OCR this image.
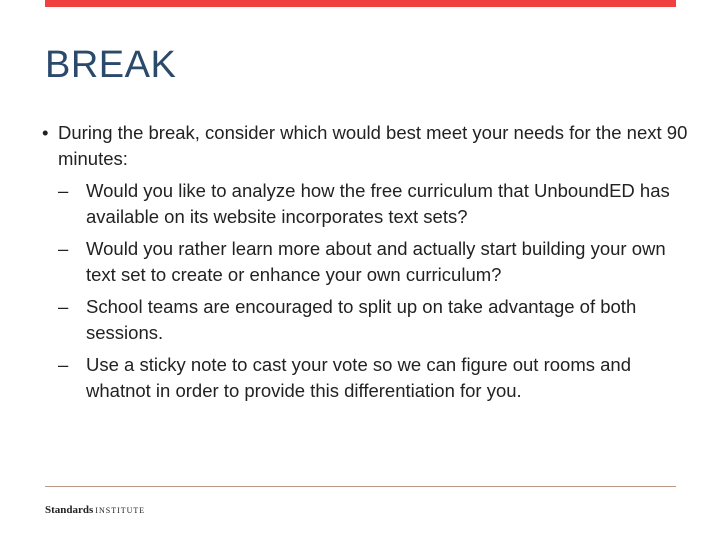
BREAK
• During the break, consider which would best meet your needs for the next 90 minutes:
– Would you like to analyze how the free curriculum that UnboundED has available on its website incorporates text sets?
– Would you rather learn more about and actually start building your own text set to create or enhance your own curriculum?
– School teams are encouraged to split up on take advantage of both sessions.
– Use a sticky note to cast your vote so we can figure out rooms and whatnot in order to provide this differentiation for you.
Standards INSTITUTE
